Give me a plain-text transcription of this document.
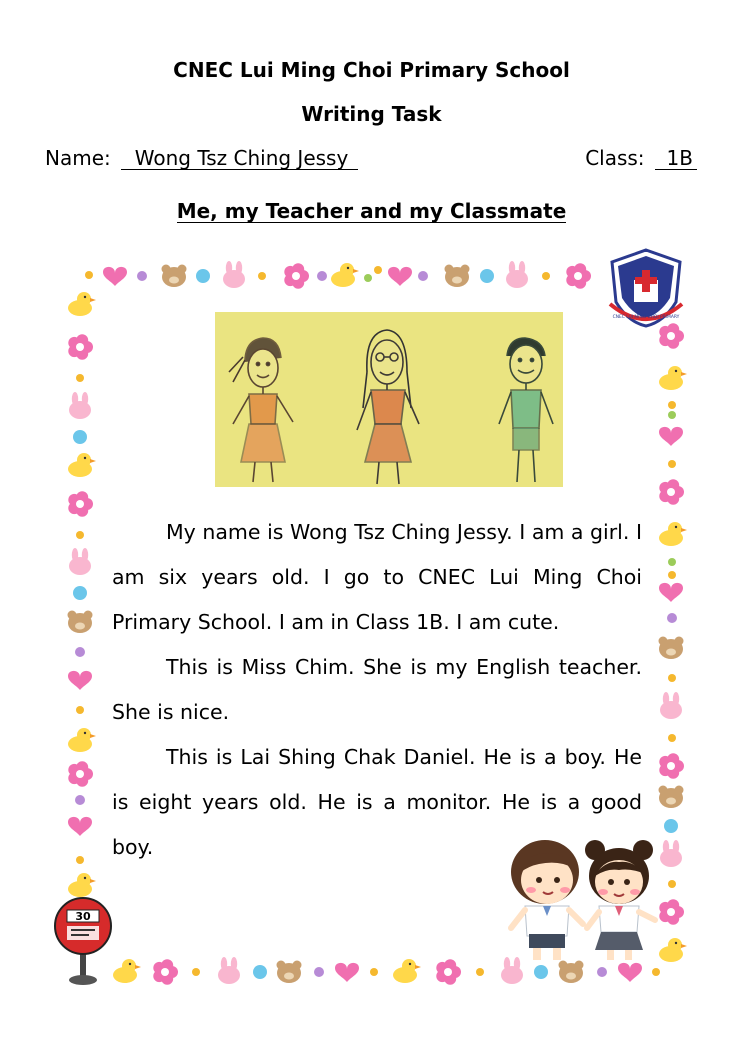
CNEC Lui Ming Choi Primary School
Writing Task
Name: Wong Tsz Ching Jessy	Class: 1B
Me, my Teacher and my Classmate
CNEC LUI MING CHOI PRIMARY
30

My name is Wong Tsz Ching Jessy. I am a girl. I am six years old. I go to CNEC Lui Ming Choi Primary School. I am in Class 1B. I am cute.

This is Miss Chim. She is my English teacher. She is nice.

This is Lai Shing Chak Daniel. He is a boy. He is eight years old. He is a monitor. He is a good boy.
